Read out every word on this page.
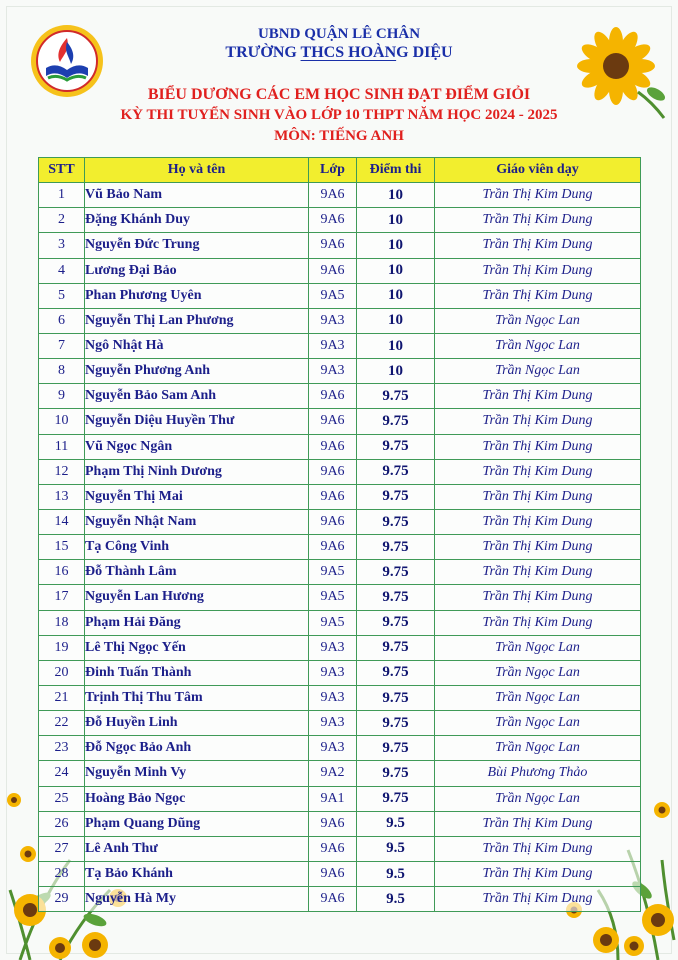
UBND QUẬN LÊ CHÂN
TRƯỜNG THCS HOÀNG DIỆU
BIỂU DƯƠNG CÁC EM HỌC SINH ĐẠT ĐIỂM GIỎI
KỲ THI TUYỂN SINH VÀO LỚP 10 THPT NĂM HỌC 2024 - 2025
MÔN: TIẾNG ANH
STT	Họ và tên	Lớp	Điểm thi	Giáo viên dạy
1	Vũ Bảo Nam	9A6	10	Trần Thị Kim Dung
2	Đặng Khánh Duy	9A6	10	Trần Thị Kim Dung
3	Nguyễn Đức Trung	9A6	10	Trần Thị Kim Dung
4	Lương Đại Bảo	9A6	10	Trần Thị Kim Dung
5	Phan Phương Uyên	9A5	10	Trần Thị Kim Dung
6	Nguyễn Thị Lan Phương	9A3	10	Trần Ngọc Lan
7	Ngô Nhật Hà	9A3	10	Trần Ngọc Lan
8	Nguyễn Phương Anh	9A3	10	Trần Ngọc Lan
9	Nguyễn Bảo Sam Anh	9A6	9.75	Trần Thị Kim Dung
10	Nguyễn Diệu Huyền Thư	9A6	9.75	Trần Thị Kim Dung
11	Vũ Ngọc Ngân	9A6	9.75	Trần Thị Kim Dung
12	Phạm Thị Ninh Dương	9A6	9.75	Trần Thị Kim Dung
13	Nguyễn Thị Mai	9A6	9.75	Trần Thị Kim Dung
14	Nguyễn Nhật Nam	9A6	9.75	Trần Thị Kim Dung
15	Tạ Công Vinh	9A6	9.75	Trần Thị Kim Dung
16	Đỗ Thành Lâm	9A5	9.75	Trần Thị Kim Dung
17	Nguyễn Lan Hương	9A5	9.75	Trần Thị Kim Dung
18	Phạm Hải Đăng	9A5	9.75	Trần Thị Kim Dung
19	Lê Thị Ngọc Yến	9A3	9.75	Trần Ngọc Lan
20	Đinh Tuấn Thành	9A3	9.75	Trần Ngọc Lan
21	Trịnh Thị Thu Tâm	9A3	9.75	Trần Ngọc Lan
22	Đỗ Huyền Linh	9A3	9.75	Trần Ngọc Lan
23	Đỗ Ngọc Bảo Anh	9A3	9.75	Trần Ngọc Lan
24	Nguyễn Minh Vy	9A2	9.75	Bùi Phương Thảo
25	Hoàng Bảo Ngọc	9A1	9.75	Trần Ngọc Lan
26	Phạm Quang Dũng	9A6	9.5	Trần Thị Kim Dung
27	Lê Anh Thư	9A6	9.5	Trần Thị Kim Dung
28	Tạ Bảo Khánh	9A6	9.5	Trần Thị Kim Dung
29	Nguyễn Hà My	9A6	9.5	Trần Thị Kim Dung
